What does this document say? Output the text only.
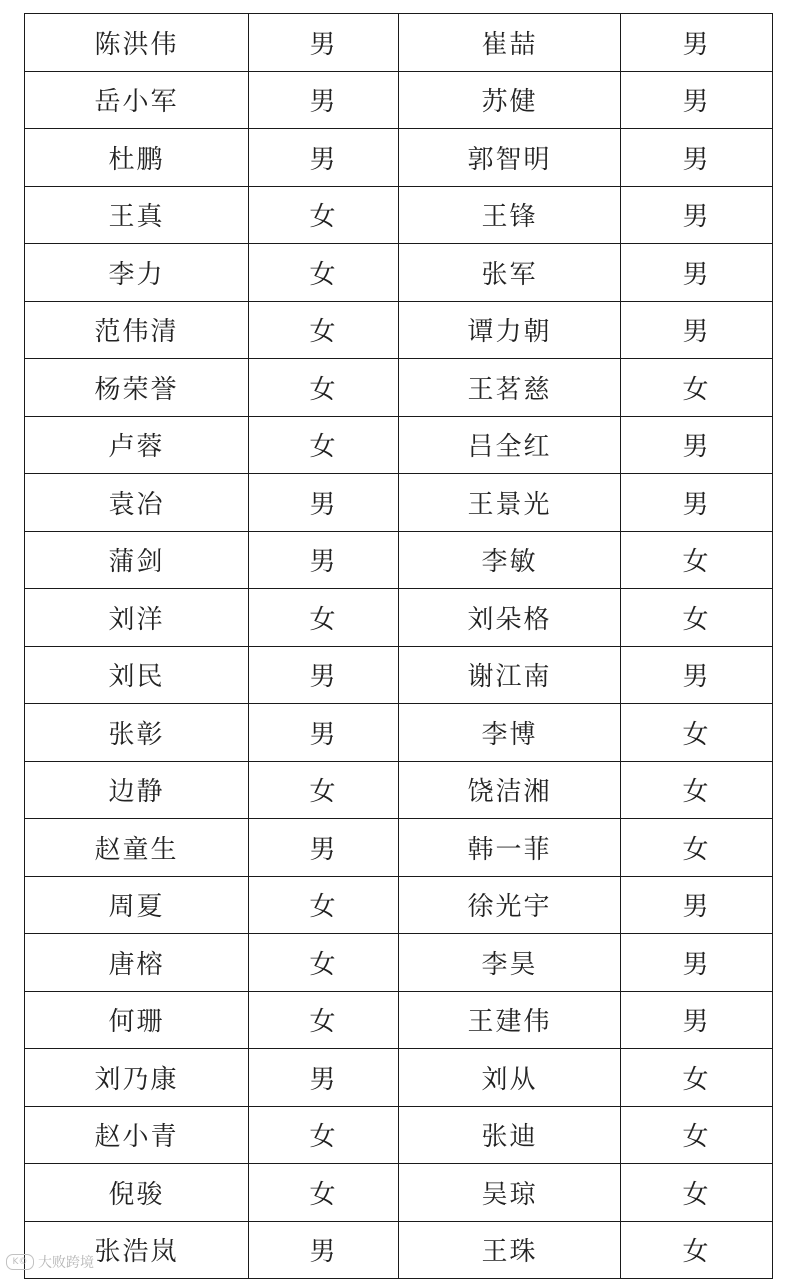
陈洪伟	男	崔喆	男
岳小军	男	苏健	男
杜鹏	男	郭智明	男
王真	女	王锋	男
李力	女	张军	男
范伟清	女	谭力朝	男
杨荣誉	女	王茗慈	女
卢蓉	女	吕全红	男
袁冶	男	王景光	男
蒲剑	男	李敏	女
刘洋	女	刘朵格	女
刘民	男	谢江南	男
张彰	男	李博	女
边静	女	饶洁湘	女
赵童生	男	韩一菲	女
周夏	女	徐光宇	男
唐榕	女	李昊	男
何珊	女	王建伟	男
刘乃康	男	刘从	女
赵小青	女	张迪	女
倪骏	女	吴琼	女
张浩岚	男	王珠	女
K© 大败跨境
